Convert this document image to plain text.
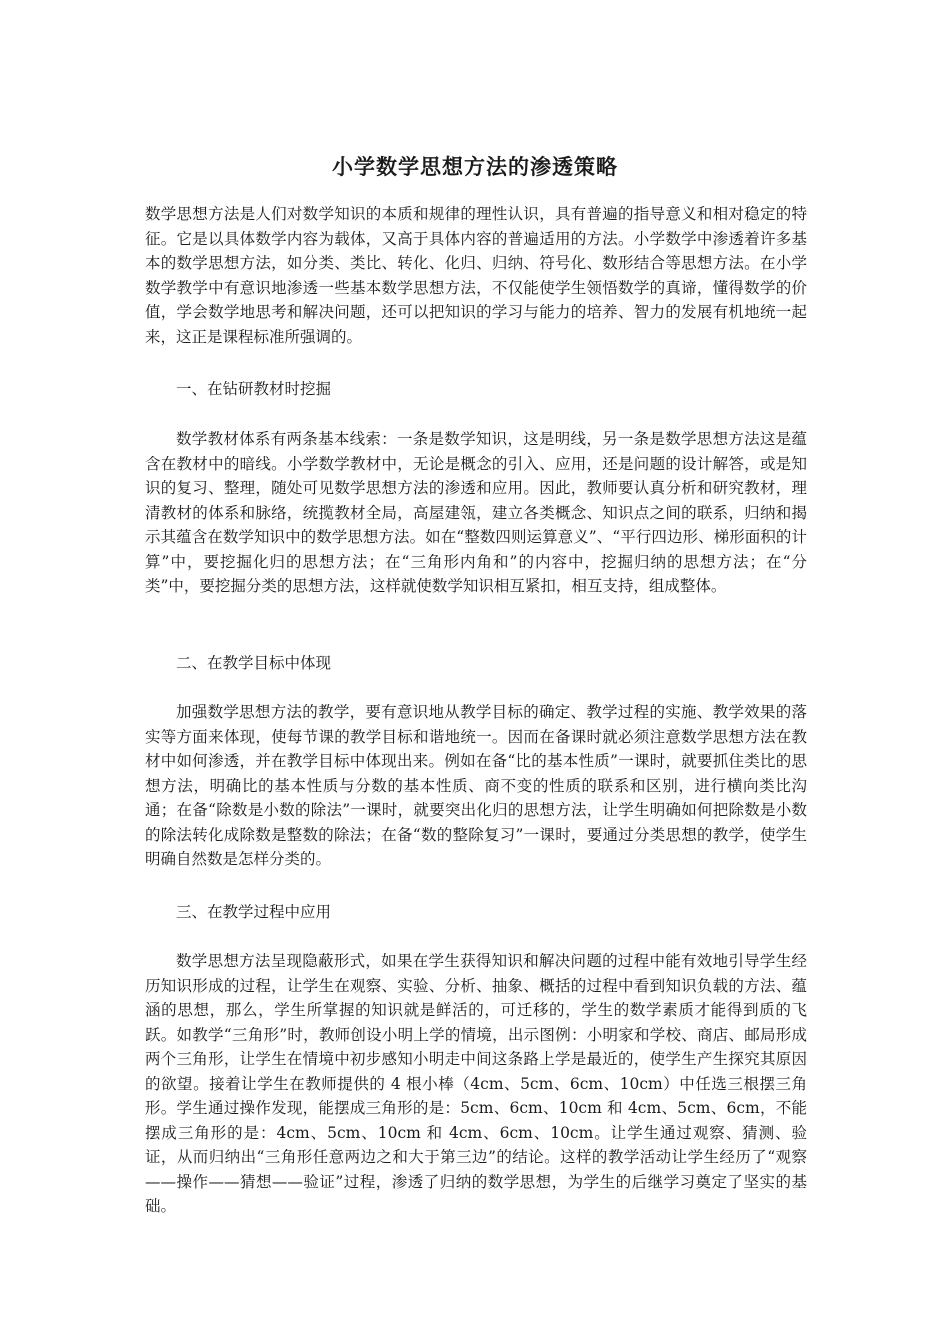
小学数学思想方法的渗透策略

数学思想方法是人们对数学知识的本质和规律的理性认识，具有普遍的指导意义和相对稳定的特征。它是以具体数学内容为载体，又高于具体内容的普遍适用的方法。小学数学中渗透着许多基本的数学思想方法，如分类、类比、转化、化归、归纳、符号化、数形结合等思想方法。在小学数学教学中有意识地渗透一些基本数学思想方法，不仅能使学生领悟数学的真谛，懂得数学的价值，学会数学地思考和解决问题，还可以把知识的学习与能力的培养、智力的发展有机地统一起来，这正是课程标准所强调的。

一、在钻研教材时挖掘

数学教材体系有两条基本线索：一条是数学知识，这是明线，另一条是数学思想方法这是蕴含在教材中的暗线。小学数学教材中，无论是概念的引入、应用，还是问题的设计解答，或是知识的复习、整理，随处可见数学思想方法的渗透和应用。因此，教师要认真分析和研究教材，理清教材的体系和脉络，统揽教材全局，高屋建瓴，建立各类概念、知识点之间的联系，归纳和揭示其蕴含在数学知识中的数学思想方法。如在“整数四则运算意义”、“平行四边形、梯形面积的计算”中，要挖掘化归的思想方法；在“三角形内角和”的内容中，挖掘归纳的思想方法；在“分类”中，要挖掘分类的思想方法，这样就使数学知识相互紧扣，相互支持，组成整体。

二、在教学目标中体现

加强数学思想方法的教学，要有意识地从教学目标的确定、教学过程的实施、教学效果的落实等方面来体现，使每节课的教学目标和谐地统一。因而在备课时就必须注意数学思想方法在教材中如何渗透，并在教学目标中体现出来。例如在备“比的基本性质”一课时，就要抓住类比的思想方法，明确比的基本性质与分数的基本性质、商不变的性质的联系和区别，进行横向类比沟通；在备“除数是小数的除法”一课时，就要突出化归的思想方法，让学生明确如何把除数是小数的除法转化成除数是整数的除法；在备“数的整除复习”一课时，要通过分类思想的教学，使学生明确自然数是怎样分类的。

三、在教学过程中应用

数学思想方法呈现隐蔽形式，如果在学生获得知识和解决问题的过程中能有效地引导学生经历知识形成的过程，让学生在观察、实验、分析、抽象、概括的过程中看到知识负载的方法、蕴涵的思想，那么，学生所掌握的知识就是鲜活的，可迁移的，学生的数学素质才能得到质的飞跃。如教学“三角形”时，教师创设小明上学的情境，出示图例：小明家和学校、商店、邮局形成两个三角形，让学生在情境中初步感知小明走中间这条路上学是最近的，使学生产生探究其原因的欲望。接着让学生在教师提供的 4 根小棒（4cm、5cm、6cm、10cm）中任选三根摆三角形。学生通过操作发现，能摆成三角形的是：5cm、6cm、10cm 和 4cm、5cm、6cm，不能摆成三角形的是：4cm、5cm、10cm 和 4cm、6cm、10cm。让学生通过观察、猜测、验证，从而归纳出“三角形任意两边之和大于第三边”的结论。这样的教学活动让学生经历了“观察——操作——猜想——验证”过程，渗透了归纳的数学思想，为学生的后继学习奠定了坚实的基础。
